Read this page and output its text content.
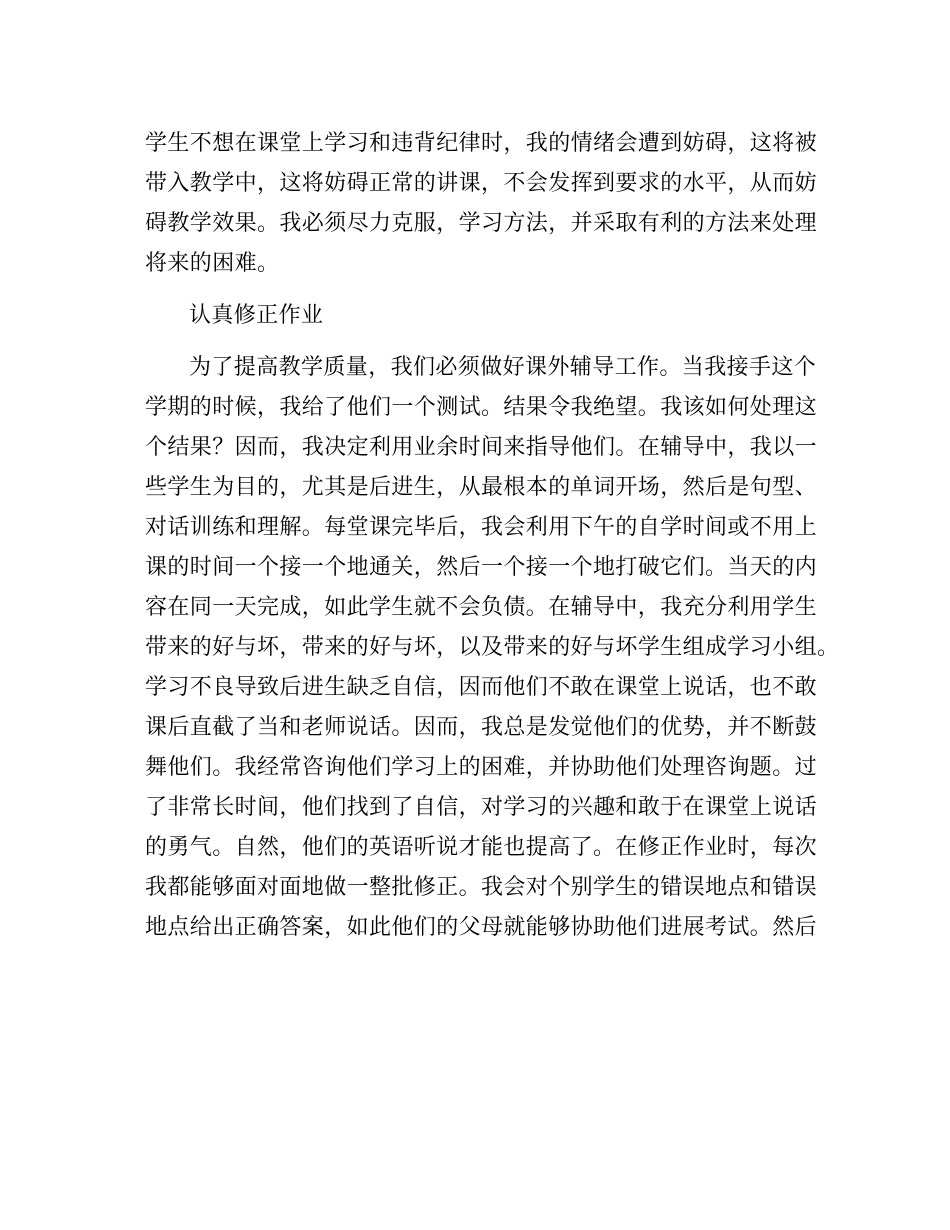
学生不想在课堂上学习和违背纪律时，我的情绪会遭到妨碍，这将被
带入教学中，这将妨碍正常的讲课，不会发挥到要求的水平，从而妨
碍教学效果。我必须尽力克服，学习方法，并采取有利的方法来处理
将来的困难。
认真修正作业
为了提高教学质量，我们必须做好课外辅导工作。当我接手这个
学期的时候，我给了他们一个测试。结果令我绝望。我该如何处理这
个结果？因而，我决定利用业余时间来指导他们。在辅导中，我以一
些学生为目的，尤其是后进生，从最根本的单词开场，然后是句型、
对话训练和理解。每堂课完毕后，我会利用下午的自学时间或不用上
课的时间一个接一个地通关，然后一个接一个地打破它们。当天的内
容在同一天完成，如此学生就不会负债。在辅导中，我充分利用学生
带来的好与坏，带来的好与坏，以及带来的好与坏学生组成学习小组。
学习不良导致后进生缺乏自信，因而他们不敢在课堂上说话，也不敢
课后直截了当和老师说话。因而，我总是发觉他们的优势，并不断鼓
舞他们。我经常咨询他们学习上的困难，并协助他们处理咨询题。过
了非常长时间，他们找到了自信，对学习的兴趣和敢于在课堂上说话
的勇气。自然，他们的英语听说才能也提高了。在修正作业时，每次
我都能够面对面地做一整批修正。我会对个别学生的错误地点和错误
地点给出正确答案，如此他们的父母就能够协助他们进展考试。然后
